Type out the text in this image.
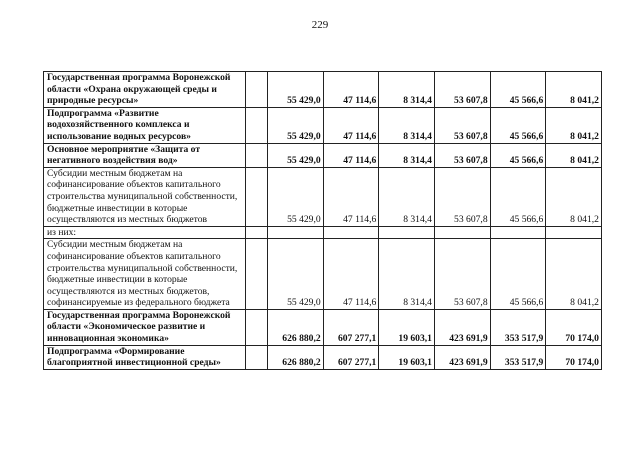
229
Государственная программа Воронежской области «Охрана окружающей среды и природные ресурсы»		55 429,0	47 114,6	8 314,4	53 607,8	45 566,6	8 041,2
Подпрограмма «Развитие водохозяйственного комплекса и использование водных ресурсов»		55 429,0	47 114,6	8 314,4	53 607,8	45 566,6	8 041,2
Основное мероприятие «Защита от негативного воздействия вод»		55 429,0	47 114,6	8 314,4	53 607,8	45 566,6	8 041,2
Субсидии местным бюджетам на софинансирование объектов капитального строительства муниципальной собственности, бюджетные инвестиции в которые осуществляются из местных бюджетов		55 429,0	47 114,6	8 314,4	53 607,8	45 566,6	8 041,2
из них:							
Субсидии местным бюджетам на софинансирование объектов капитального строительства муниципальной собственности, бюджетные инвестиции в которые осуществляются из местных бюджетов, софинансируемые из федерального бюджета		55 429,0	47 114,6	8 314,4	53 607,8	45 566,6	8 041,2
Государственная программа Воронежской области «Экономическое развитие и инновационная экономика»		626 880,2	607 277,1	19 603,1	423 691,9	353 517,9	70 174,0
Подпрограмма «Формирование благоприятной инвестиционной среды»		626 880,2	607 277,1	19 603,1	423 691,9	353 517,9	70 174,0
